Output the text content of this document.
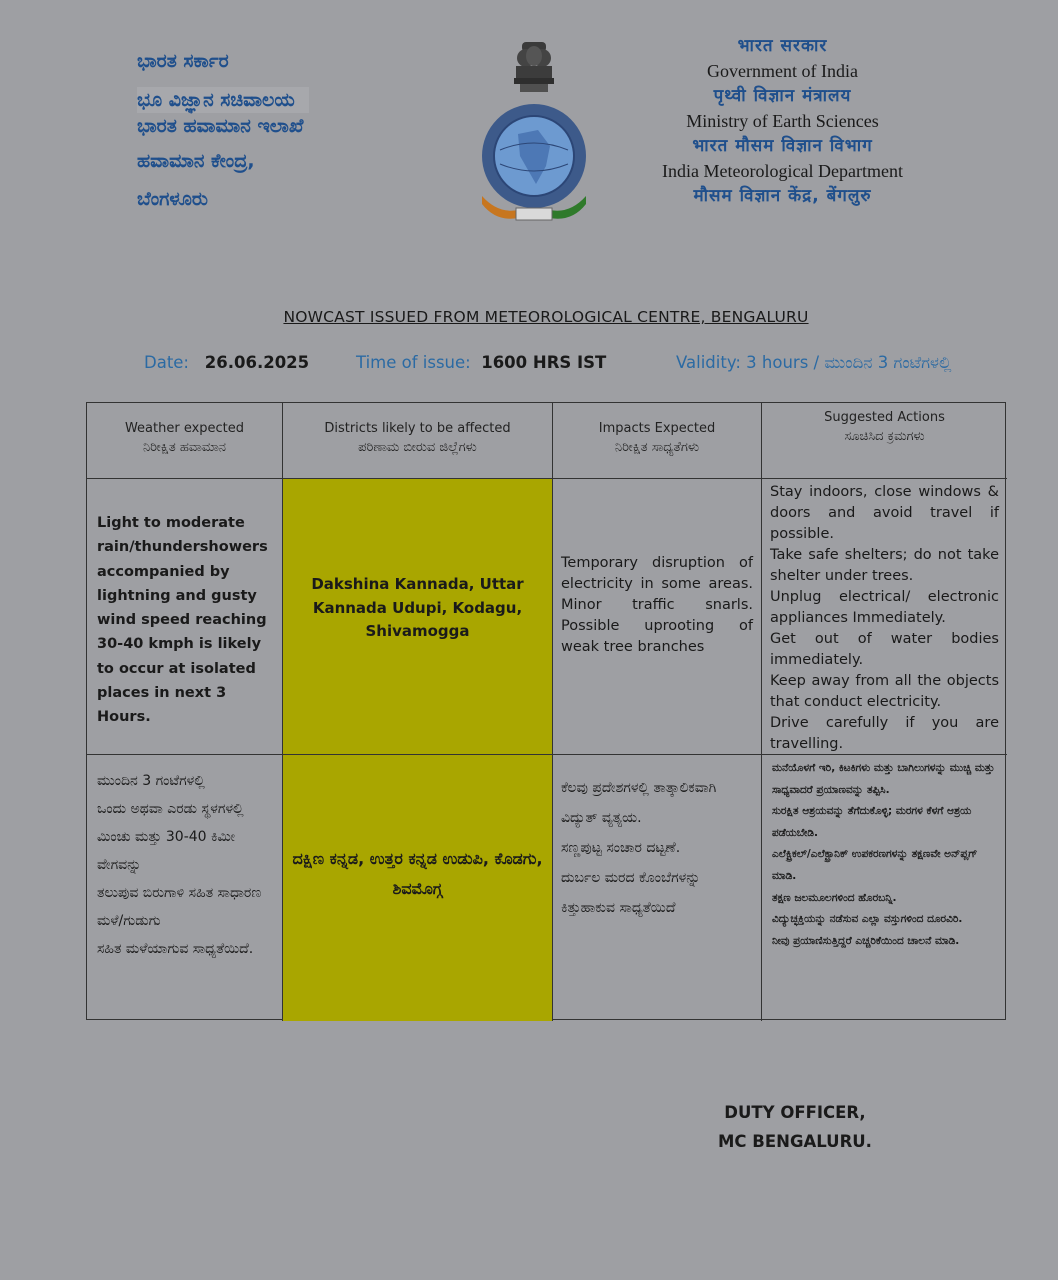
ಭಾರತ ಸರ್ಕಾರ
ಭೂ ವಿಜ್ಞಾನ ಸಚಿವಾಲಯ
ಭಾರತ ಹವಾಮಾನ ಇಲಾಖೆ
ಹವಾಮಾನ ಕೇಂದ್ರ,
ಬೆಂಗಳೂರು
भारत सरकार
Government of India
पृथ्वी विज्ञान मंत्रालय
Ministry of Earth Sciences
भारत मौसम विज्ञान विभाग
India Meteorological Department
मौसम विज्ञान केंद्र, बेंगलुरु
NOWCAST ISSUED FROM METEOROLOGICAL CENTRE, BENGALURU
Date: 26.06.2025	Time of issue: 1600 HRS IST	Validity: 3 hours / ಮುಂದಿನ 3 ಗಂಟೆಗಳಲ್ಲಿ
Weather expected
ನಿರೀಕ್ಷಿತ ಹವಾಮಾನ
Districts likely to be affected
ಪರಿಣಾಮ ಬೀರುವ ಜಿಲ್ಲೆಗಳು
Impacts Expected
ನಿರೀಕ್ಷಿತ ಸಾಧ್ಯತೆಗಳು
Suggested Actions
ಸೂಚಿಸಿದ ಕ್ರಮಗಳು
Light to moderate rain/thundershowers accompanied by lightning and gusty wind speed reaching 30-40 kmph is likely to occur at isolated places in next 3 Hours.
Dakshina Kannada, Uttar Kannada Udupi, Kodagu, Shivamogga
Temporary disruption of electricity in some areas. Minor traffic snarls. Possible uprooting of weak tree branches
Stay indoors, close windows & doors and avoid travel if possible.
Take safe shelters; do not take shelter under trees.
Unplug electrical/ electronic appliances Immediately.
Get out of water bodies immediately.
Keep away from all the objects that conduct electricity.
Drive carefully if you are travelling.
ಮುಂದಿನ 3 ಗಂಟೆಗಳಲ್ಲಿ
ಒಂದು ಅಥವಾ ಎರಡು ಸ್ಥಳಗಳಲ್ಲಿ ಮಿಂಚು ಮತ್ತು 30-40 ಕಿಮೀ ವೇಗವನ್ನು
ತಲುಪುವ ಬಿರುಗಾಳಿ ಸಹಿತ ಸಾಧಾರಣ ಮಳೆ/ಗುಡುಗು
ಸಹಿತ ಮಳೆಯಾಗುವ ಸಾಧ್ಯತೆಯಿದೆ.
ದಕ್ಷಿಣ ಕನ್ನಡ, ಉತ್ತರ ಕನ್ನಡ ಉಡುಪಿ, ಕೊಡಗು, ಶಿವಮೊಗ್ಗ
ಕೆಲವು ಪ್ರದೇಶಗಳಲ್ಲಿ ತಾತ್ಕಾಲಿಕವಾಗಿ ವಿದ್ಯುತ್ ವ್ಯತ್ಯಯ.
ಸಣ್ಣಪುಟ್ಟ ಸಂಚಾರ ದಟ್ಟಣೆ.
ದುರ್ಬಲ ಮರದ ಕೊಂಬೆಗಳನ್ನು ಕಿತ್ತುಹಾಕುವ ಸಾಧ್ಯತೆಯಿದೆ
ಮನೆಯೊಳಗೆ ಇರಿ, ಕಿಟಕಿಗಳು ಮತ್ತು ಬಾಗಿಲುಗಳನ್ನು ಮುಚ್ಚಿ ಮತ್ತು ಸಾಧ್ಯವಾದರೆ ಪ್ರಯಾಣವನ್ನು ತಪ್ಪಿಸಿ.
ಸುರಕ್ಷಿತ ಆಶ್ರಯವನ್ನು ತೆಗೆದುಕೊಳ್ಳಿ; ಮರಗಳ ಕೆಳಗೆ ಆಶ್ರಯ ಪಡೆಯಬೇಡಿ.
ಎಲೆಕ್ಟ್ರಿಕಲ್/ಎಲೆಕ್ಟ್ರಾನಿಕ್ ಉಪಕರಣಗಳನ್ನು ತಕ್ಷಣವೇ ಅನ್‌ಪ್ಲಗ್ ಮಾಡಿ.
ತಕ್ಷಣ ಜಲಮೂಲಗಳಿಂದ ಹೊರಬನ್ನಿ.
ವಿದ್ಯುಚ್ಛಕ್ತಿಯನ್ನು ನಡೆಸುವ ಎಲ್ಲಾ ವಸ್ತುಗಳಿಂದ ದೂರವಿರಿ.
ನೀವು ಪ್ರಯಾಣಿಸುತ್ತಿದ್ದರೆ ಎಚ್ಚರಿಕೆಯಿಂದ ಚಾಲನೆ ಮಾಡಿ.
DUTY OFFICER,
MC BENGALURU.
